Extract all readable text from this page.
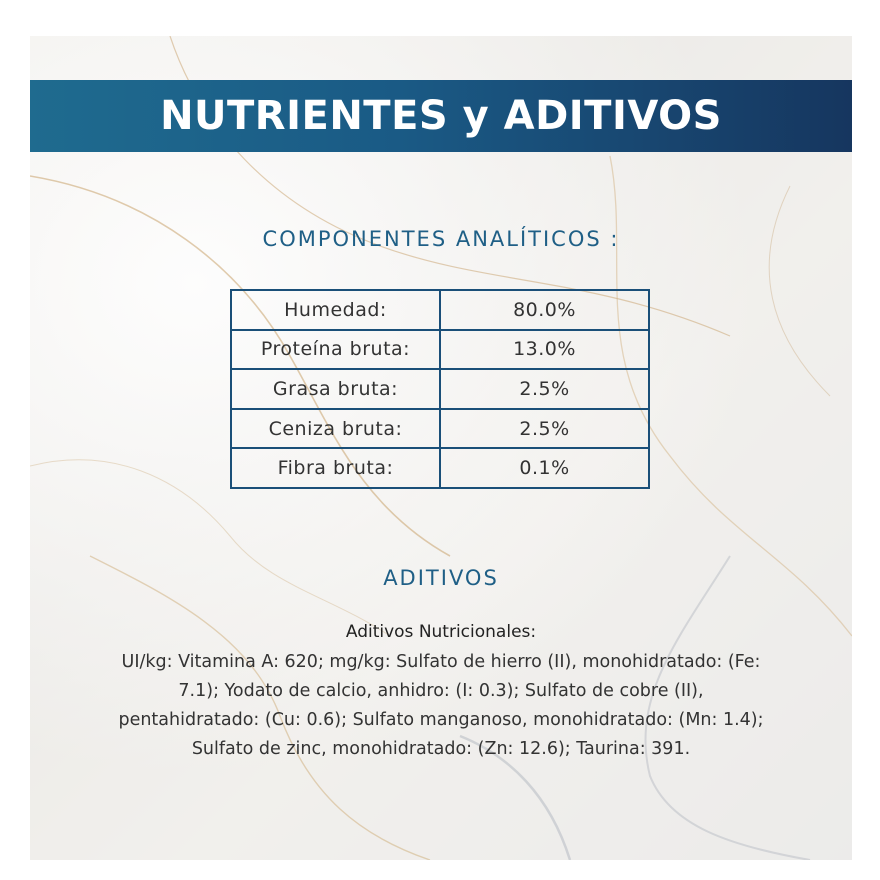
NUTRIENTES y ADITIVOS
COMPONENTES ANALÍTICOS :
Humedad:	80.0%
Proteína bruta:	13.0%
Grasa bruta:	2.5%
Ceniza bruta:	2.5%
Fibra bruta:	0.1%
ADITIVOS
Aditivos Nutricionales:
UI/kg: Vitamina A: 620; mg/kg: Sulfato de hierro (II), monohidratado: (Fe: 7.1); Yodato de calcio, anhidro: (I: 0.3); Sulfato de cobre (II), pentahidratado: (Cu: 0.6); Sulfato manganoso, monohidratado: (Mn: 1.4); Sulfato de zinc, monohidratado: (Zn: 12.6); Taurina: 391.
